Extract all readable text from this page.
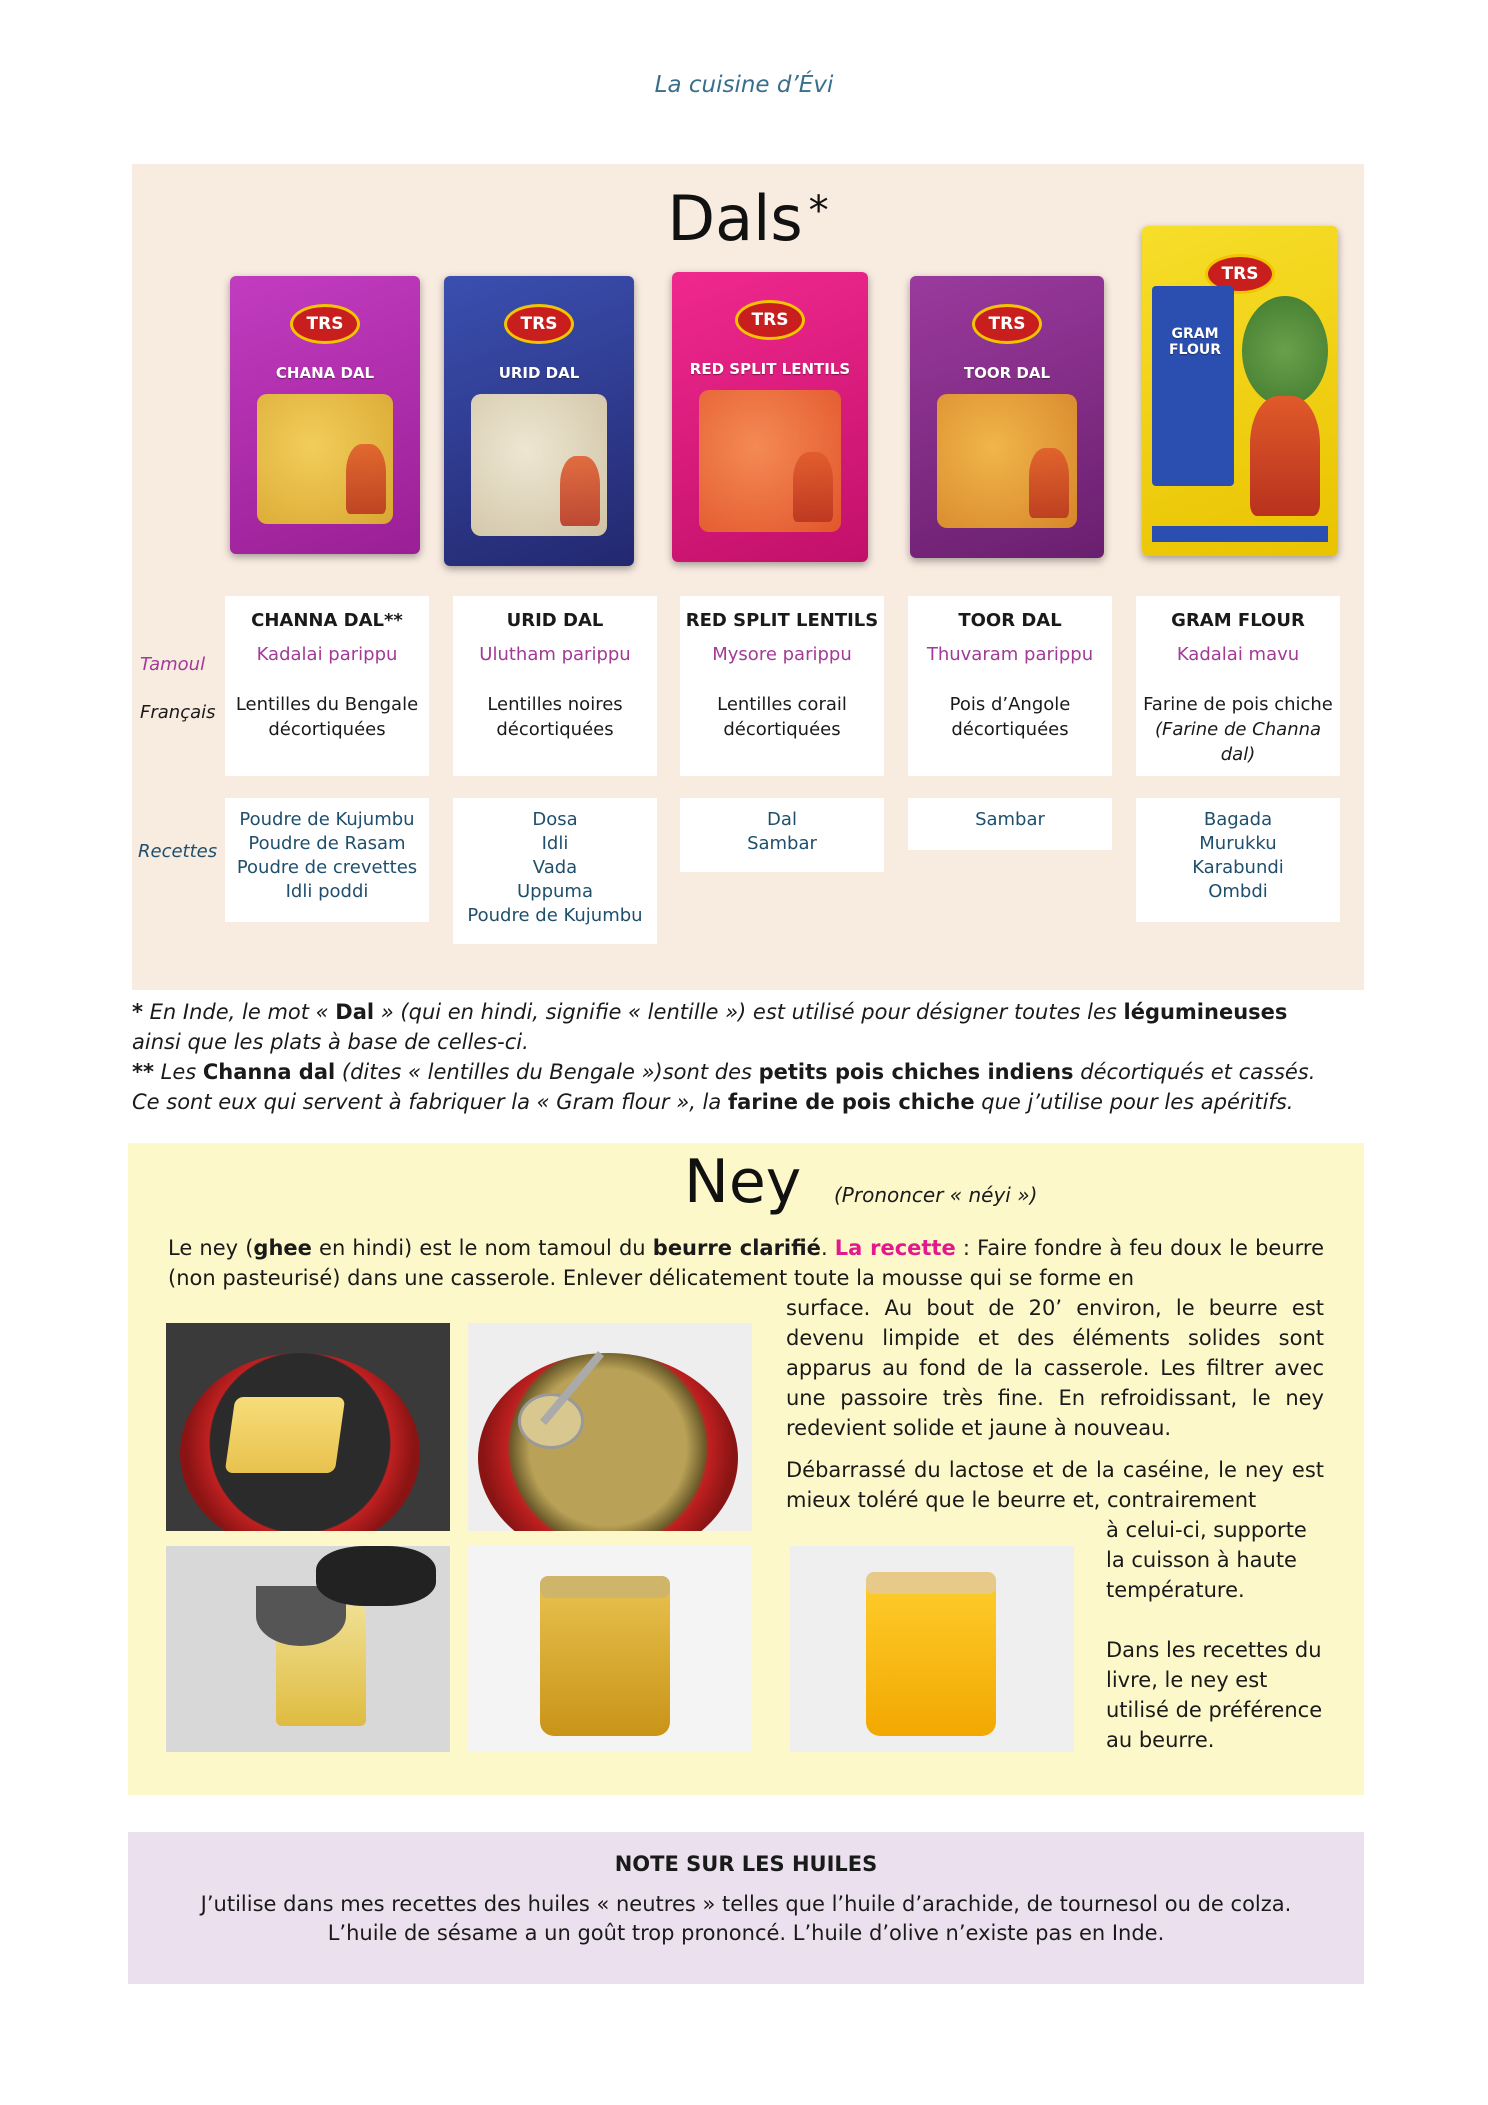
La cuisine d’Évi
Dals *
TRS
CHANA DAL
TRS
URID DAL
TRS
RED SPLIT LENTILS
TRS
TOOR DAL
TRS
GRAM FLOUR
Tamoul
Français
Recettes
CHANNA DAL**
Kadalai parippu
Lentilles du Bengale
décortiquées
URID DAL
Ulutham parippu
Lentilles noires
décortiquées
RED SPLIT LENTILS
Mysore parippu
Lentilles corail
décortiquées
TOOR DAL
Thuvaram parippu
Pois d’Angole
décortiquées
GRAM FLOUR
Kadalai mavu
Farine de pois chiche
(Farine de Channa dal)
Poudre de Kujumbu
Poudre de Rasam
Poudre de crevettes
Idli poddi
Dosa
Idli
Vada
Uppuma
Poudre de Kujumbu
Dal
Sambar
Sambar	Bagada
Murukku
Karabundi
Ombdi
* En Inde, le mot « Dal » (qui en hindi, signifie « lentille ») est utilisé pour désigner toutes les légumineuses
ainsi que les plats à base de celles-ci.
** Les Channa dal (dites « lentilles du Bengale »)sont des petits pois chiches indiens décortiqués et cassés.
Ce sont eux qui servent à fabriquer la « Gram flour », la farine de pois chiche que j’utilise pour les apéritifs.
Ney (Prononcer « néyi »)
Le ney (ghee en hindi) est le nom tamoul du beurre clarifié. La recette : Faire fondre à feu doux le beurre (non pasteurisé) dans une casserole. Enlever délicatement toute la mousse qui se forme en
surface. Au bout de 20’ environ, le beurre est devenu limpide et des éléments solides sont apparus au fond de la casserole. Les filtrer avec une passoire très fine. En refroidissant, le ney redevient solide et jaune à nouveau.
Débarrassé du lactose et de la caséine, le ney est mieux toléré que le beurre et, contrairement
à celui-ci, supporte la cuisson à haute température.
Dans les recettes du livre, le ney est utilisé de préférence au beurre.
NOTE SUR LES HUILES
J’utilise dans mes recettes des huiles « neutres » telles que l’huile d’arachide, de tournesol ou de colza.
L’huile de sésame a un goût trop prononcé. L’huile d’olive n’existe pas en Inde.
